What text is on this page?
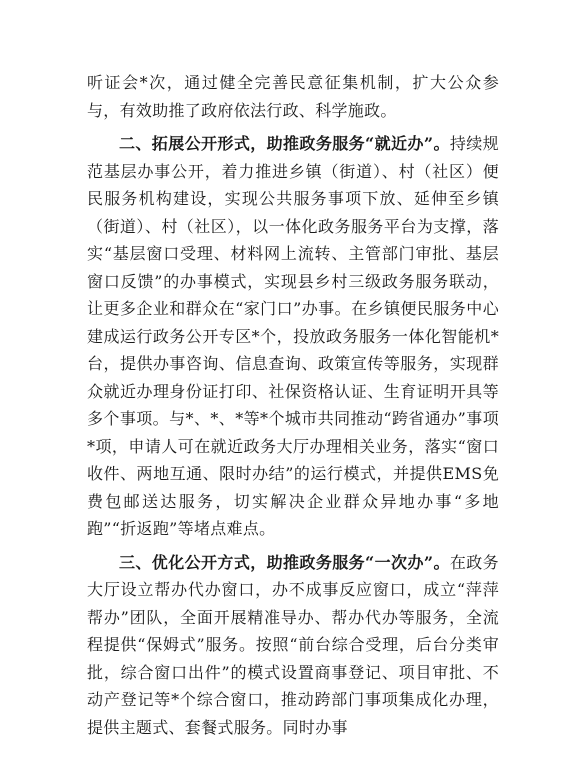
听证会*次，通过健全完善民意征集机制，扩大公众参与，有效助推了政府依法行政、科学施政。

二、拓展公开形式，助推政务服务“就近办”。持续规范基层办事公开，着力推进乡镇（街道）、村（社区）便民服务机构建设，实现公共服务事项下放、延伸至乡镇（街道）、村（社区），以一体化政务服务平台为支撑，落实“基层窗口受理、材料网上流转、主管部门审批、基层窗口反馈”的办事模式，实现县乡村三级政务服务联动，让更多企业和群众在“家门口”办事。在乡镇便民服务中心建成运行政务公开专区*个，投放政务服务一体化智能机*台，提供办事咨询、信息查询、政策宣传等服务，实现群众就近办理身份证打印、社保资格认证、生育证明开具等多个事项。与*、*、*等*个城市共同推动“跨省通办”事项*项，申请人可在就近政务大厅办理相关业务，落实“窗口收件、两地互通、限时办结”的运行模式，并提供EMS免费包邮送达服务，切实解决企业群众异地办事“多地跑”“折返跑”等堵点难点。

三、优化公开方式，助推政务服务“一次办”。在政务大厅设立帮办代办窗口，办不成事反应窗口，成立“萍萍帮办”团队，全面开展精准导办、帮办代办等服务，全流程提供“保姆式”服务。按照“前台综合受理，后台分类审批，综合窗口出件”的模式设置商事登记、项目审批、不动产登记等*个综合窗口，推动跨部门事项集成化办理，提供主题式、套餐式服务。同时办事
